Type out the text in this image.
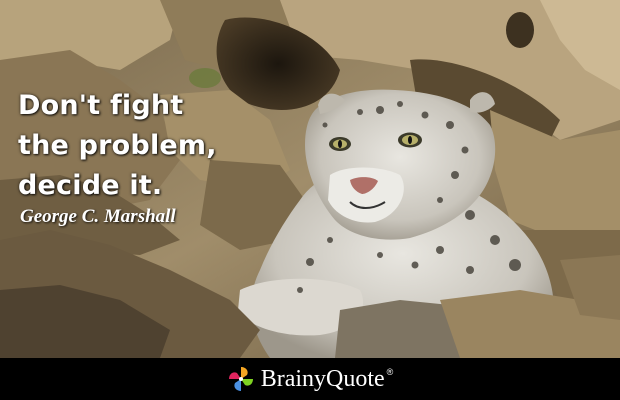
Don't fight
the problem,
decide it.

George C. Marshall

BrainyQuote ®
